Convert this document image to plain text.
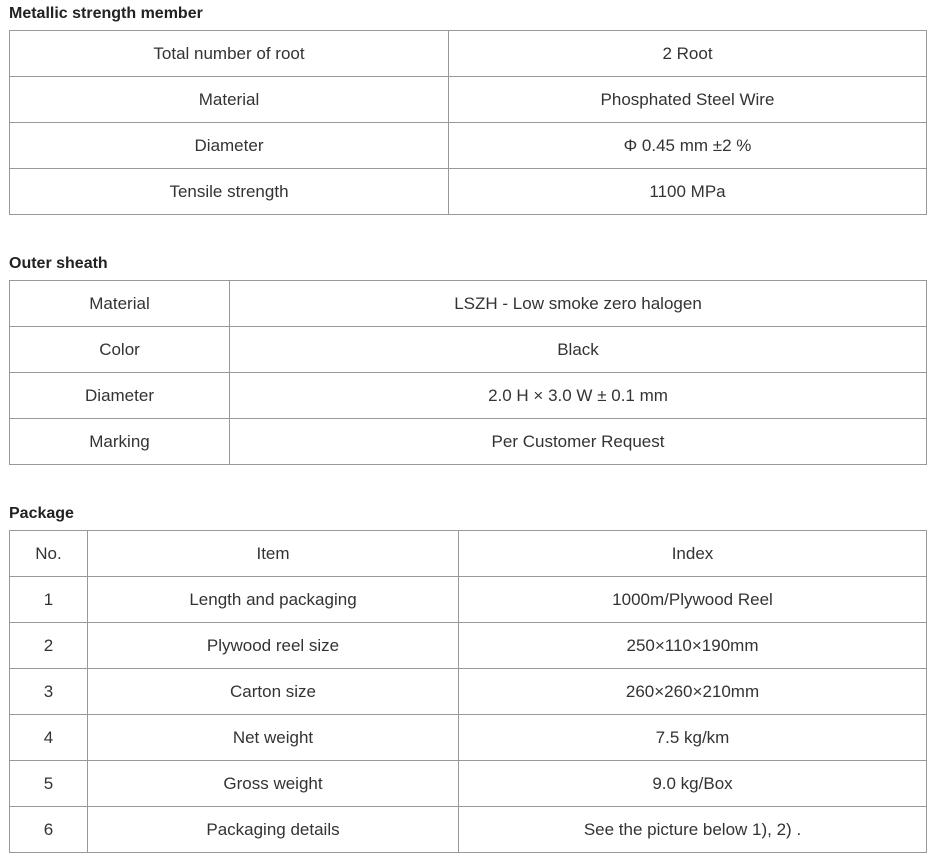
Metallic strength member
Total number of root	2 Root
Material	Phosphated Steel Wire
Diameter	Φ 0.45 mm ±2 %
Tensile strength	1100 MPa
Outer sheath
Material	LSZH - Low smoke zero halogen
Color	Black
Diameter	2.0 H × 3.0 W ± 0.1 mm
Marking	Per Customer Request
Package
No.	Item	Index
1	Length and packaging	1000m/Plywood Reel
2	Plywood reel size	250×110×190mm
3	Carton size	260×260×210mm
4	Net weight	7.5 kg/km
5	Gross weight	9.0 kg/Box
6	Packaging details	See the picture below 1), 2) .
